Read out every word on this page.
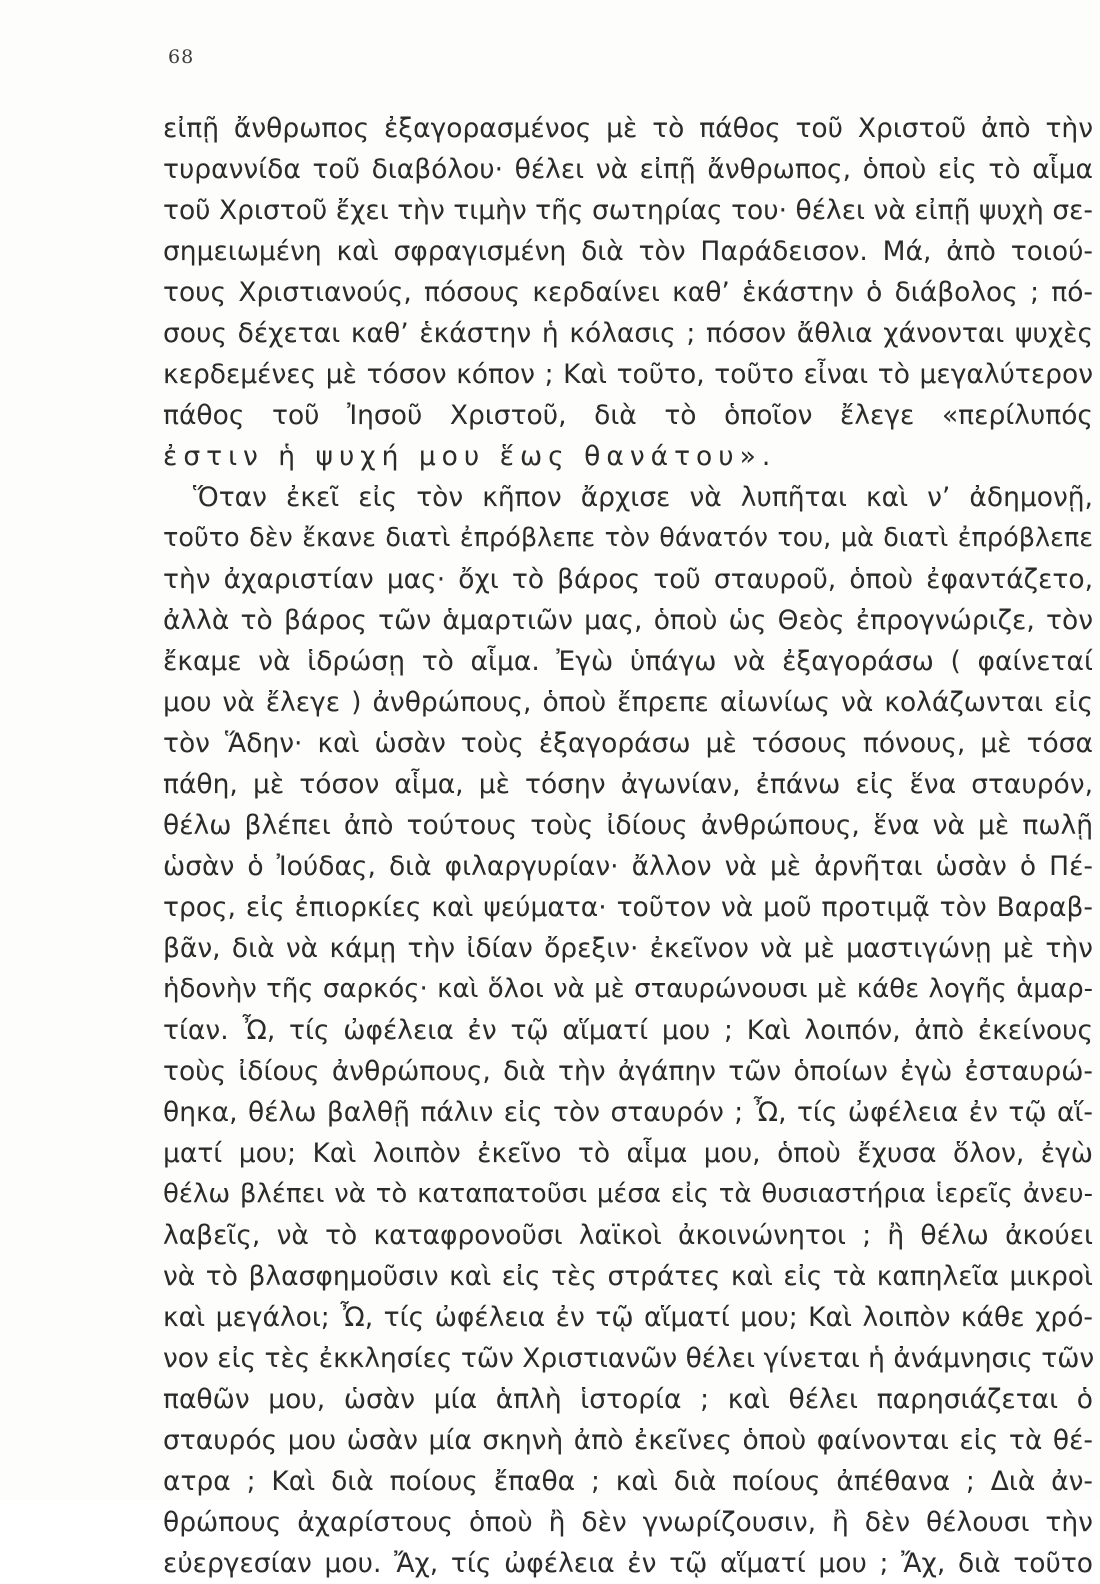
68
εἰπῇ ἄνθρωπος ἐξαγορασμένος μὲ τὸ πάθος τοῦ Χριστοῦ ἀπὸ τὴν
τυραννίδα τοῦ διαβόλου· θέλει νὰ εἰπῇ ἄνθρωπος, ὁποὺ εἰς τὸ αἷμα
τοῦ Χριστοῦ ἔχει τὴν τιμὴν τῆς σωτηρίας του· θέλει νὰ εἰπῇ ψυχὴ σε-
σημειωμένη καὶ σφραγισμένη διὰ τὸν Παράδεισον. Μά, ἀπὸ τοιού-
τους Χριστιανούς, πόσους κερδαίνει καθ’ ἑκάστην ὁ διάβολος ; πό-
σους δέχεται καθ’ ἑκάστην ἡ κόλασις ; πόσον ἄθλια χάνονται ψυχὲς
κερδεμένες μὲ τόσον κόπον ; Καὶ τοῦτο, τοῦτο εἶναι τὸ μεγαλύτερον
πάθος τοῦ Ἰησοῦ Χριστοῦ, διὰ τὸ ὁποῖον ἔλεγε «περίλυπός
ἐστιν ἡ ψυχή μου ἕως θανάτου».
Ὅταν ἐκεῖ εἰς τὸν κῆπον ἄρχισε νὰ λυπῆται καὶ ν’ ἀδημονῇ,
τοῦτο δὲν ἔκανε διατὶ ἐπρόβλεπε τὸν θάνατόν του, μὰ διατὶ ἐπρόβλεπε
τὴν ἀχαριστίαν μας· ὄχι τὸ βάρος τοῦ σταυροῦ, ὁποὺ ἐφαντάζετο,
ἀλλὰ τὸ βάρος τῶν ἁμαρτιῶν μας, ὁποὺ ὡς Θεὸς ἐπρογνώριζε, τὸν
ἔκαμε νὰ ἱδρώσῃ τὸ αἷμα. Ἐγὼ ὑπάγω νὰ ἐξαγοράσω ( φαίνεταί
μου νὰ ἔλεγε ) ἀνθρώπους, ὁποὺ ἔπρεπε αἰωνίως νὰ κολάζωνται εἰς
τὸν Ἅδην· καὶ ὡσὰν τοὺς ἐξαγοράσω μὲ τόσους πόνους, μὲ τόσα
πάθη, μὲ τόσον αἷμα, μὲ τόσην ἀγωνίαν, ἐπάνω εἰς ἕνα σταυρόν,
θέλω βλέπει ἀπὸ τούτους τοὺς ἰδίους ἀνθρώπους, ἕνα νὰ μὲ πωλῇ
ὡσὰν ὁ Ἰούδας, διὰ φιλαργυρίαν· ἄλλον νὰ μὲ ἀρνῆται ὡσὰν ὁ Πέ-
τρος, εἰς ἐπιορκίες καὶ ψεύματα· τοῦτον νὰ μοῦ προτιμᾷ τὸν Βαραβ-
βᾶν, διὰ νὰ κάμῃ τὴν ἰδίαν ὄρεξιν· ἐκεῖνον νὰ μὲ μαστιγώνῃ μὲ τὴν
ἡδονὴν τῆς σαρκός· καὶ ὅλοι νὰ μὲ σταυρώνουσι μὲ κάθε λογῆς ἁμαρ-
τίαν. Ὦ, τίς ὠφέλεια ἐν τῷ αἵματί μου ; Καὶ λοιπόν, ἀπὸ ἐκείνους
τοὺς ἰδίους ἀνθρώπους, διὰ τὴν ἀγάπην τῶν ὁποίων ἐγὼ ἐσταυρώ-
θηκα, θέλω βαλθῇ πάλιν εἰς τὸν σταυρόν ; Ὦ, τίς ὠφέλεια ἐν τῷ αἵ-
ματί μου; Καὶ λοιπὸν ἐκεῖνο τὸ αἷμα μου, ὁποὺ ἔχυσα ὅλον, ἐγὼ
θέλω βλέπει νὰ τὸ καταπατοῦσι μέσα εἰς τὰ θυσιαστήρια ἱερεῖς ἀνευ-
λαβεῖς, νὰ τὸ καταφρονοῦσι λαϊκοὶ ἀκοινώνητοι ; ἢ θέλω ἀκούει
νὰ τὸ βλασφημοῦσιν καὶ εἰς τὲς στράτες καὶ εἰς τὰ καπηλεῖα μικροὶ
καὶ μεγάλοι; Ὦ, τίς ὠφέλεια ἐν τῷ αἵματί μου; Καὶ λοιπὸν κάθε χρό-
νον εἰς τὲς ἐκκλησίες τῶν Χριστιανῶν θέλει γίνεται ἡ ἀνάμνησις τῶν
παθῶν μου, ὡσὰν μία ἁπλὴ ἱστορία ; καὶ θέλει παρησιάζεται ὁ
σταυρός μου ὡσὰν μία σκηνὴ ἀπὸ ἐκεῖνες ὁποὺ φαίνονται εἰς τὰ θέ-
ατρα ; Καὶ διὰ ποίους ἔπαθα ; καὶ διὰ ποίους ἀπέθανα ; Διὰ ἀν-
θρώπους ἀχαρίστους ὁποὺ ἢ δὲν γνωρίζουσιν, ἢ δὲν θέλουσι τὴν
εὐεργεσίαν μου. Ἄχ, τίς ὠφέλεια ἐν τῷ αἵματί μου ; Ἄχ, διὰ τοῦτο
